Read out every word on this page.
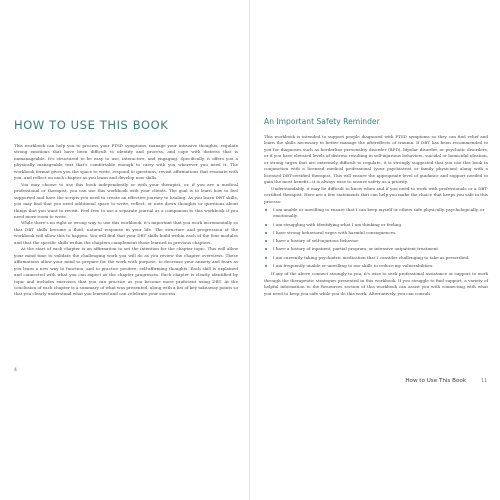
HOW TO USE THIS BOOK

This workbook can help you to process your PTSD symptoms, manage your intrusive thoughts, regulate strong emotions that have been difficult to identify and process, and cope with distress that is unmanageable. It's structured to be easy to use, interactive, and engaging. Specifically, it offers you a physically manageable text that's comfortable enough to carry with you wherever you need it. The workbook format gives you the space to write, respond to questions, revisit affirmations that resonate with you, and reflect on each chapter as you learn and develop new skills.

You may choose to use this book independently or with your therapist, or, if you are a medical professional or therapist, you can use this workbook with your clients. The goal is to learn how to feel supported and have the scripts you need to create an effective journey to healing. As you learn DBT skills, you may find that you need additional space to write, reflect, or note down thoughts or questions about things that you want to revisit. Feel free to use a separate journal as a companion to this workbook if you need more room to write.

While there's no right or wrong way to use this workbook, it's important that you work incrementally so that DBT skills become a fluid, natural response in your life. The structure and progression of the workbook will allow this to happen. You will find that your DBT skills build within each of the four modules and that the specific skills within the chapters complement those learned in previous chapters.

At the start of each chapter is an affirmation to set the intention for the chapter topic. This will allow your mind time to validate the challenging work you will do as you review the chapter overviews. These affirmations allow your mind to prepare for the work with purpose, to decrease your anxiety and fears as you learn a new way to function, and to practice positive, self-affirming thoughts. Each skill is explained and connected with what you can expect as the chapter progresses. Each chapter is clearly identified by topic and includes exercises that you can practice as you become more proficient using DBT. At the conclusion of each chapter is a summary of what was presented, along with a list of key takeaway points so that you clearly understand what you learned and can celebrate your success.

4
An Important Safety Reminder

This workbook is intended to support people diagnosed with PTSD symptoms so they can find relief and learn the skills necessary to better manage the aftereffects of trauma. If DBT has been recommended to you for diagnoses such as borderline personality disorder (BPD), bipolar disorder, or psychotic disorders, or if you have elevated levels of distress resulting in self-injurious behaviors, suicidal or homicidal ideation, or strong urges that are extremely difficult to regulate, it is strongly suggested that you use this book in conjunction with a licensed medical professional (your psychiatrist or family physician) along with a licensed DBT-certified therapist. This will ensure the appropriate level of guidance and support needed to gain the most benefit—it is always wise to ensure safety as a priority.

Understandably, it may be difficult to know when and if you need to work with professionals or a DBT-certified therapist. Here are a few statements that can help you make the choice that keeps you safe in this process:

I am unable or unwilling to ensure that I can keep myself or others safe physically, psychologically, or emotionally.
I am struggling with identifying what I am thinking or feeling.
I have strong behavioral urges with harmful consequences.
I have a history of self-injurious behavior.
I have a history of inpatient, partial program, or intensive outpatient treatment.
I am currently taking psychiatric medication that I consider challenging to take as prescribed.
I am frequently unable or unwilling to use skills to reduce my vulnerabilities.

If any of the above connect strongly to you, it's wise to seek professional assistance or support to work through the therapeutic strategies presented in this workbook. If you struggle to find support, a variety of helpful information to the Resources section of this workbook can assist you with connecting with what you need to keep you safe while you do this work. Alternatively, you can consult

How to Use This Book	11
